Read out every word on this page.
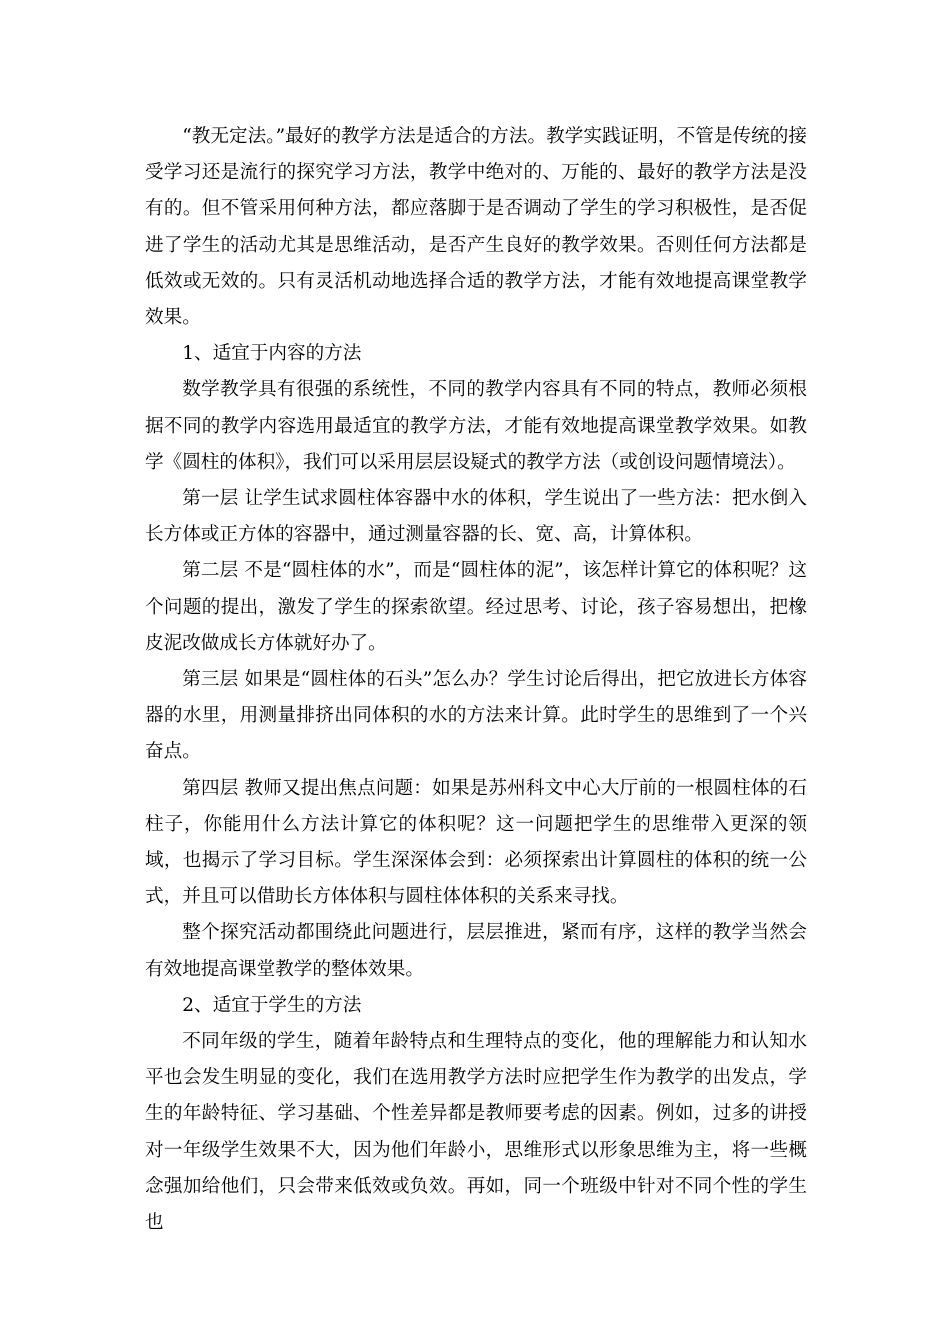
“教无定法。”最好的教学方法是适合的方法。教学实践证明，不管是传统的接受学习还是流行的探究学习方法，教学中绝对的、万能的、最好的教学方法是没有的。但不管采用何种方法，都应落脚于是否调动了学生的学习积极性，是否促进了学生的活动尤其是思维活动，是否产生良好的教学效果。否则任何方法都是低效或无效的。只有灵活机动地选择合适的教学方法，才能有效地提高课堂教学效果。

1、适宜于内容的方法

数学教学具有很强的系统性，不同的教学内容具有不同的特点，教师必须根据不同的教学内容选用最适宜的教学方法，才能有效地提高课堂教学效果。如教学《圆柱的体积》，我们可以采用层层设疑式的教学方法（或创设问题情境法）。

第一层 让学生试求圆柱体容器中水的体积，学生说出了一些方法：把水倒入长方体或正方体的容器中，通过测量容器的长、宽、高，计算体积。

第二层 不是“圆柱体的水”，而是“圆柱体的泥”，该怎样计算它的体积呢？这个问题的提出，激发了学生的探索欲望。经过思考、讨论，孩子容易想出，把橡皮泥改做成长方体就好办了。

第三层 如果是“圆柱体的石头”怎么办？学生讨论后得出，把它放进长方体容器的水里，用测量排挤出同体积的水的方法来计算。此时学生的思维到了一个兴奋点。

第四层 教师又提出焦点问题：如果是苏州科文中心大厅前的一根圆柱体的石柱子，你能用什么方法计算它的体积呢？这一问题把学生的思维带入更深的领域，也揭示了学习目标。学生深深体会到：必须探索出计算圆柱的体积的统一公式，并且可以借助长方体体积与圆柱体体积的关系来寻找。

整个探究活动都围绕此问题进行，层层推进，紧而有序，这样的教学当然会有效地提高课堂教学的整体效果。

2、适宜于学生的方法

不同年级的学生，随着年龄特点和生理特点的变化，他的理解能力和认知水平也会发生明显的变化，我们在选用教学方法时应把学生作为教学的出发点，学生的年龄特征、学习基础、个性差异都是教师要考虑的因素。例如，过多的讲授对一年级学生效果不大，因为他们年龄小，思维形式以形象思维为主，将一些概念强加给他们，只会带来低效或负效。再如，同一个班级中针对不同个性的学生也
